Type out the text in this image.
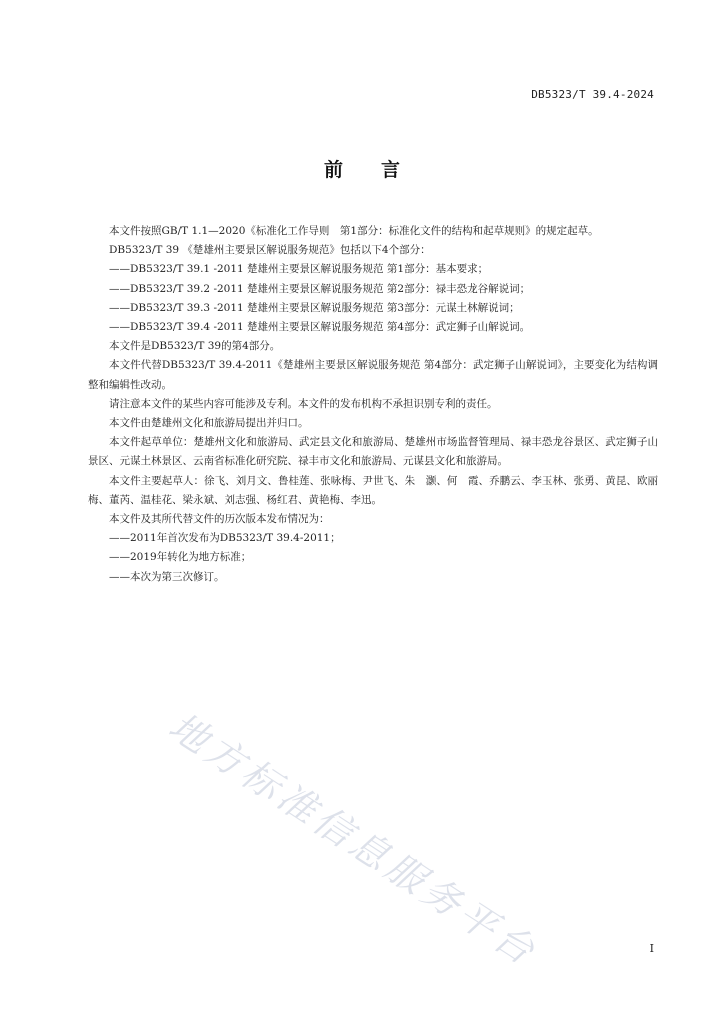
DB5323/T 39.4-2024
前言

本文件按照GB/T 1.1—2020《标准化工作导则　第1部分：标准化文件的结构和起草规则》的规定起草。

DB5323/T 39 《楚雄州主要景区解说服务规范》包括以下4个部分：

——DB5323/T 39.1 -2011 楚雄州主要景区解说服务规范 第1部分：基本要求；

——DB5323/T 39.2 -2011 楚雄州主要景区解说服务规范 第2部分：禄丰恐龙谷解说词；

——DB5323/T 39.3 -2011 楚雄州主要景区解说服务规范 第3部分：元谋土林解说词；

——DB5323/T 39.4 -2011 楚雄州主要景区解说服务规范 第4部分：武定狮子山解说词。

本文件是DB5323/T 39的第4部分。

本文件代替DB5323/T 39.4-2011《楚雄州主要景区解说服务规范 第4部分：武定狮子山解说词》，主要变化为结构调整和编辑性改动。

请注意本文件的某些内容可能涉及专利。本文件的发布机构不承担识别专利的责任。

本文件由楚雄州文化和旅游局提出并归口。

本文件起草单位：楚雄州文化和旅游局、武定县文化和旅游局、楚雄州市场监督管理局、禄丰恐龙谷景区、武定狮子山景区、元谋土林景区、云南省标准化研究院、禄丰市文化和旅游局、元谋县文化和旅游局。

本文件主要起草人：徐飞、刘月文、鲁桂莲、张咏梅、尹世飞、朱　灏、何　霞、乔鹏云、李玉林、张勇、黄昆、欧丽梅、董芮、温桂花、梁永斌、刘志强、杨红君、黄艳梅、李迅。

本文件及其所代替文件的历次版本发布情况为：

——2011年首次发布为DB5323/T 39.4-2011；

——2019年转化为地方标准；

——本次为第三次修订。

地方标准信息服务平台	I
